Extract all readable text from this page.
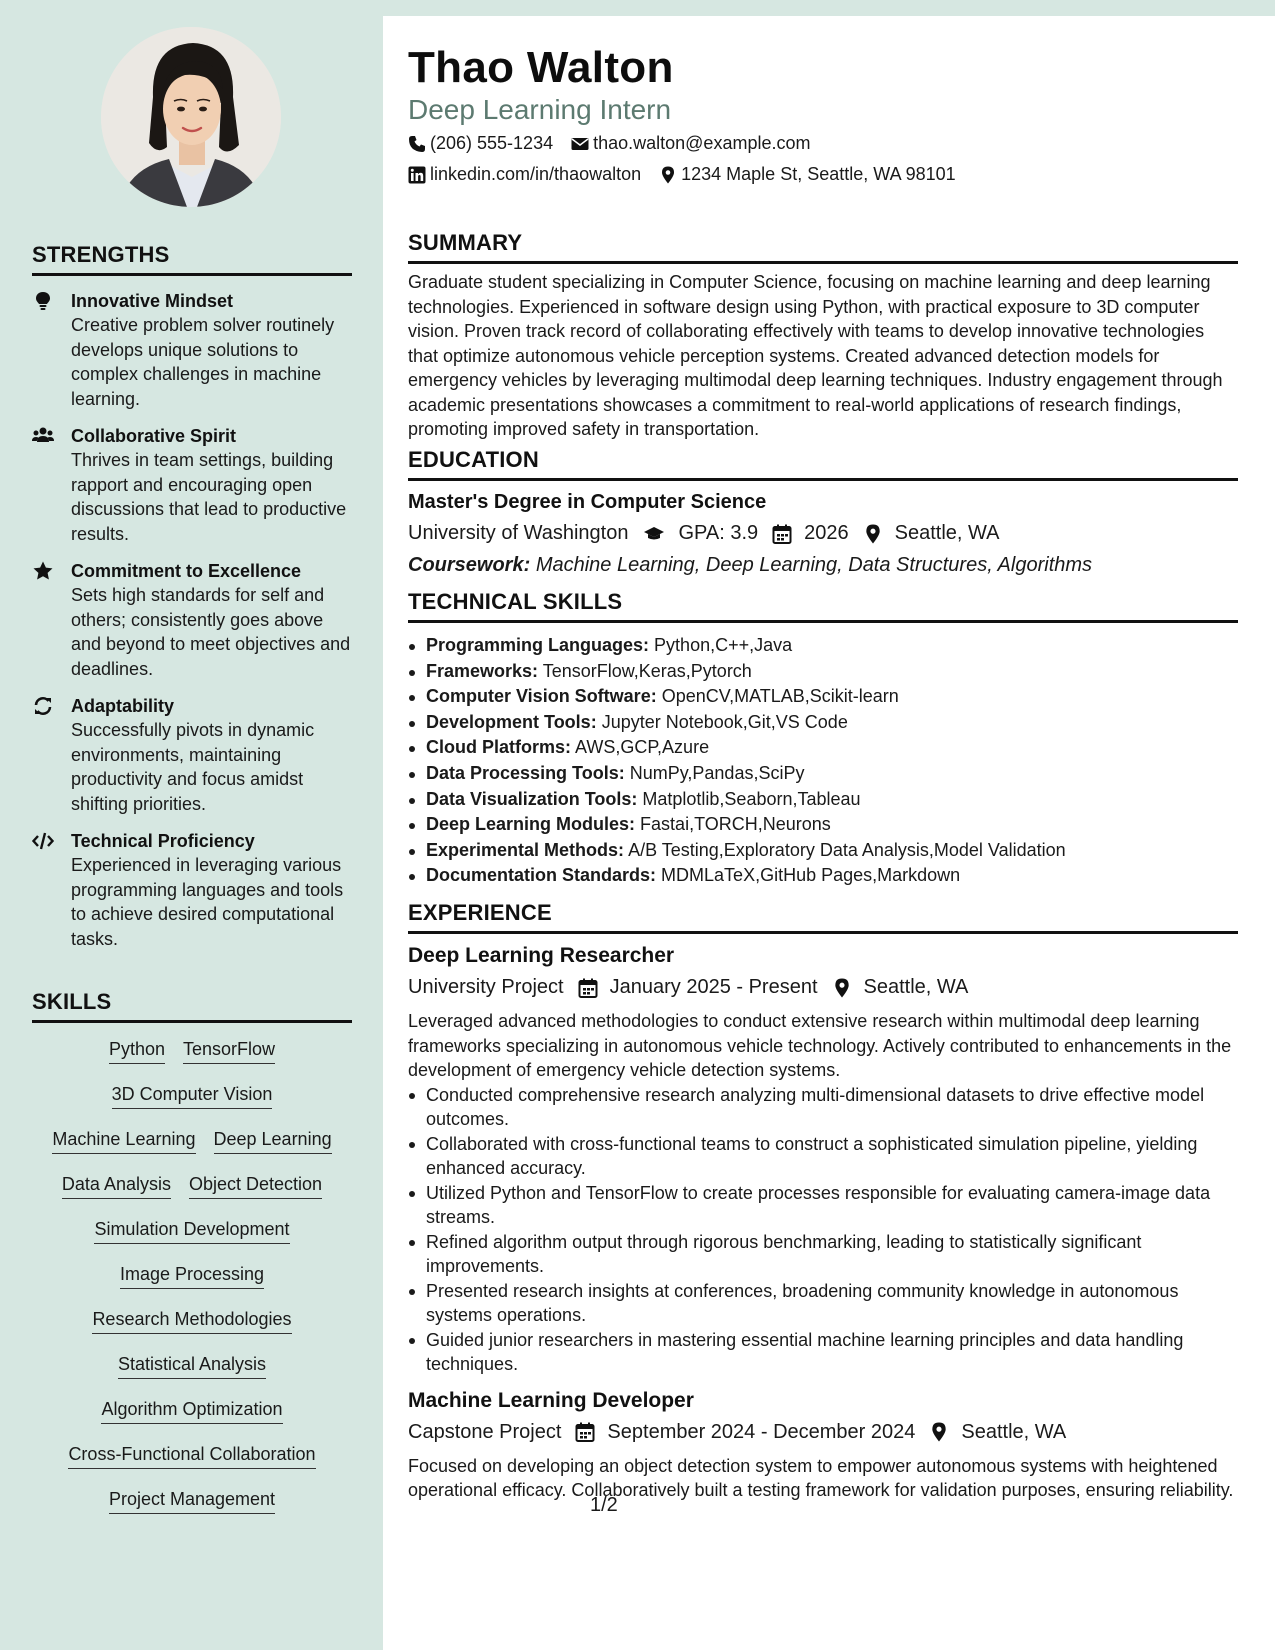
STRENGTHS
Innovative Mindset
Creative problem solver routinely develops unique solutions to complex challenges in machine learning.
Collaborative Spirit
Thrives in team settings, building rapport and encouraging open discussions that lead to productive results.
Commitment to Excellence
Sets high standards for self and others; consistently goes above and beyond to meet objectives and deadlines.
Adaptability
Successfully pivots in dynamic environments, maintaining productivity and focus amidst shifting priorities.
Technical Proficiency
Experienced in leveraging various programming languages and tools to achieve desired computational tasks.
SKILLS
Python TensorFlow
3D Computer Vision
Machine Learning Deep Learning
Data Analysis Object Detection
Simulation Development
Image Processing
Research Methodologies
Statistical Analysis
Algorithm Optimization
Cross-Functional Collaboration
Project Management
Thao Walton
Deep Learning Intern
(206) 555-1234 thao.walton@example.com
linkedin.com/in/thaowalton 1234 Maple St, Seattle, WA 98101
SUMMARY
Graduate student specializing in Computer Science, focusing on machine learning and deep learning technologies. Experienced in software design using Python, with practical exposure to 3D computer vision. Proven track record of collaborating effectively with teams to develop innovative technologies that optimize autonomous vehicle perception systems. Created advanced detection models for emergency vehicles by leveraging multimodal deep learning techniques. Industry engagement through academic presentations showcases a commitment to real-world applications of research findings, promoting improved safety in transportation.
EDUCATION
Master's Degree in Computer Science
University of Washington	GPA: 3.9 2026 Seattle, WA
Coursework: Machine Learning, Deep Learning, Data Structures, Algorithms
TECHNICAL SKILLS
Programming Languages: Python,C++,Java
Frameworks: TensorFlow,Keras,Pytorch
Computer Vision Software: OpenCV,MATLAB,Scikit-learn
Development Tools: Jupyter Notebook,Git,VS Code
Cloud Platforms: AWS,GCP,Azure
Data Processing Tools: NumPy,Pandas,SciPy
Data Visualization Tools: Matplotlib,Seaborn,Tableau
Deep Learning Modules: Fastai,TORCH,Neurons
Experimental Methods: A/B Testing,Exploratory Data Analysis,Model Validation
Documentation Standards: MDMLaTeX,GitHub Pages,Markdown
EXPERIENCE
Deep Learning Researcher
University Project January 2025 - Present Seattle, WA
Leveraged advanced methodologies to conduct extensive research within multimodal deep learning frameworks specializing in autonomous vehicle technology. Actively contributed to enhancements in the development of emergency vehicle detection systems.
Conducted comprehensive research analyzing multi-dimensional datasets to drive effective model outcomes.
Collaborated with cross-functional teams to construct a sophisticated simulation pipeline, yielding enhanced accuracy.
Utilized Python and TensorFlow to create processes responsible for evaluating camera-image data streams.
Refined algorithm output through rigorous benchmarking, leading to statistically significant improvements.
Presented research insights at conferences, broadening community knowledge in autonomous systems operations.
Guided junior researchers in mastering essential machine learning principles and data handling techniques.
Machine Learning Developer
Capstone Project September 2024 - December 2024 Seattle, WA
Focused on developing an object detection system to empower autonomous systems with heightened operational efficacy. Collaboratively built a testing framework for validation purposes, ensuring reliability.
1/2
